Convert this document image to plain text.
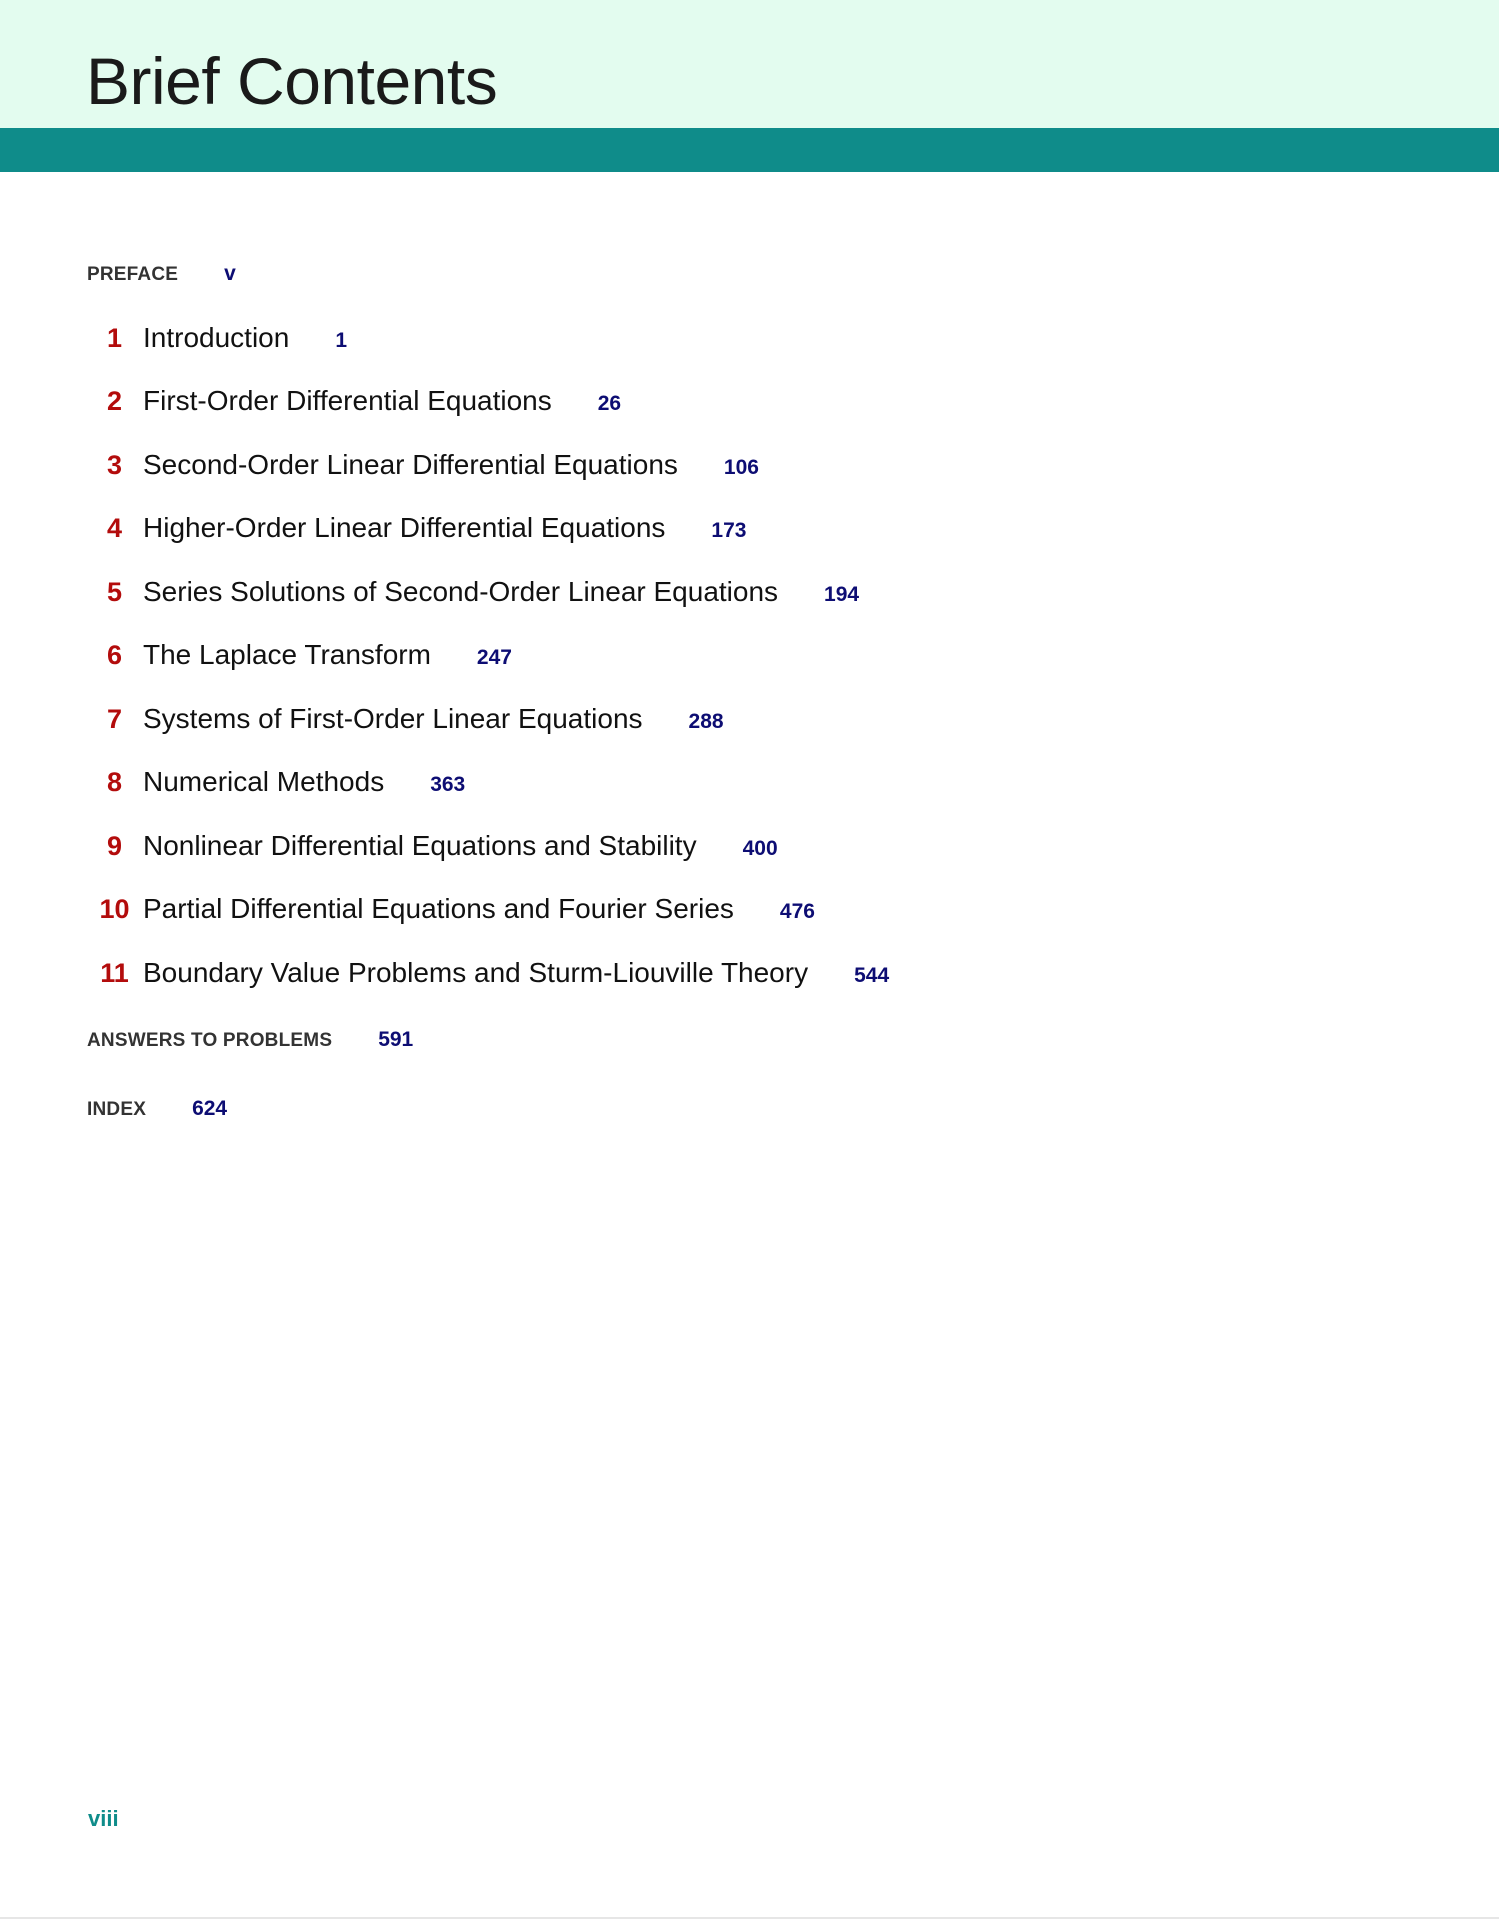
Brief Contents
PREFACE v
1 Introduction 1
2 First-Order Differential Equations 26
3 Second-Order Linear Differential Equations 106
4 Higher-Order Linear Differential Equations 173
5 Series Solutions of Second-Order Linear Equations 194
6 The Laplace Transform 247
7 Systems of First-Order Linear Equations 288
8 Numerical Methods 363
9 Nonlinear Differential Equations and Stability 400
10 Partial Differential Equations and Fourier Series 476
11 Boundary Value Problems and Sturm-Liouville Theory 544
ANSWERS TO PROBLEMS 591
INDEX 624
viii
